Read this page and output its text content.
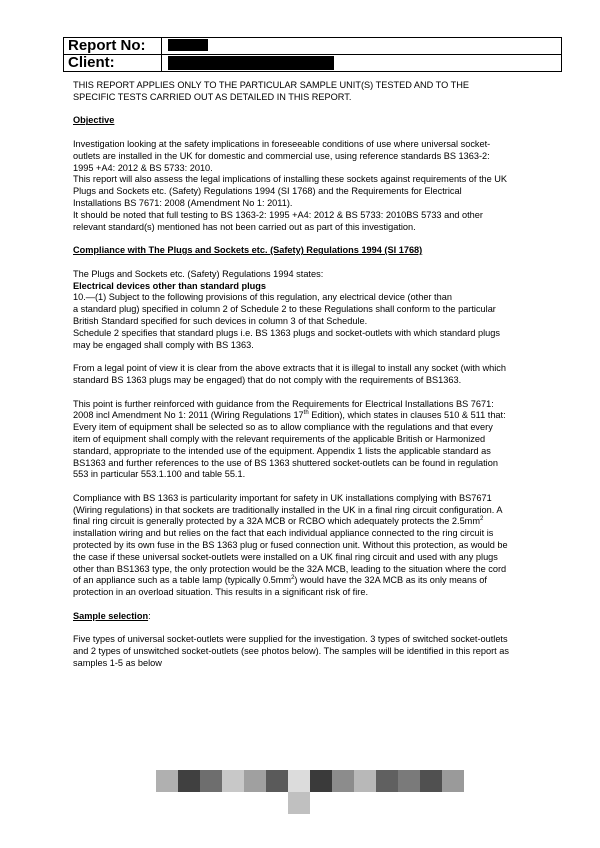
Report No:
Client:

THIS REPORT APPLIES ONLY TO THE PARTICULAR SAMPLE UNIT(S) TESTED AND TO THE

SPECIFIC TESTS CARRIED OUT AS DETAILED IN THIS REPORT.

Objective

Investigation looking at the safety implications in foreseeable conditions of use where universal socket-

outlets are installed in the UK for domestic and commercial use, using reference standards BS 1363-2:

1995 +A4: 2012 & BS 5733: 2010.

This report will also assess the legal implications of installing these sockets against requirements of the UK

Plugs and Sockets etc. (Safety) Regulations 1994 (SI 1768) and the Requirements for Electrical

Installations BS 7671: 2008 (Amendment No 1: 2011).

It should be noted that full testing to BS 1363-2: 1995 +A4: 2012 & BS 5733: 2010BS 5733 and other

relevant standard(s) mentioned has not been carried out as part of this investigation.

Compliance with The Plugs and Sockets etc. (Safety) Regulations 1994 (SI 1768)

The Plugs and Sockets etc. (Safety) Regulations 1994 states:

Electrical devices other than standard plugs

10.—(1) Subject to the following provisions of this regulation, any electrical device (other than

a standard plug) specified in column 2 of Schedule 2 to these Regulations shall conform to the particular

British Standard specified for such devices in column 3 of that Schedule.

Schedule 2 specifies that standard plugs i.e. BS 1363 plugs and socket-outlets with which standard plugs

may be engaged shall comply with BS 1363.

From a legal point of view it is clear from the above extracts that it is illegal to install any socket (with which

standard BS 1363 plugs may be engaged) that do not comply with the requirements of BS1363.

This point is further reinforced with guidance from the Requirements for Electrical Installations BS 7671:

2008 incl Amendment No 1: 2011 (Wiring Regulations 17th Edition), which states in clauses 510 & 511 that:

Every item of equipment shall be selected so as to allow compliance with the regulations and that every

item of equipment shall comply with the relevant requirements of the applicable British or Harmonized

standard, appropriate to the intended use of the equipment. Appendix 1 lists the applicable standard as

BS1363 and further references to the use of BS 1363 shuttered socket-outlets can be found in regulation

553 in particular 553.1.100 and table 55.1.

Compliance with BS 1363 is particularity important for safety in UK installations complying with BS7671

(Wiring regulations) in that sockets are traditionally installed in the UK in a final ring circuit configuration. A

final ring circuit is generally protected by a 32A MCB or RCBO which adequately protects the $2.5mm^2$

installation wiring and but relies on the fact that each individual appliance connected to the ring circuit is

protected by its own fuse in the BS 1363 plug or fused connection unit. Without this protection, as would be

the case if these universal socket-outlets were installed on a UK final ring circuit and used with any plugs

other than BS1363 type, the only protection would be the 32A MCB, leading to the situation where the cord

of an appliance such as a table lamp (typically $0.5mm^2$) would have the 32A MCB as its only means of

protection in an overload situation. This results in a significant risk of fire.

Sample selection:

Five types of universal socket-outlets were supplied for the investigation. 3 types of switched socket-outlets

and 2 types of unswitched socket-outlets (see photos below). The samples will be identified in this report as

samples 1-5 as below
